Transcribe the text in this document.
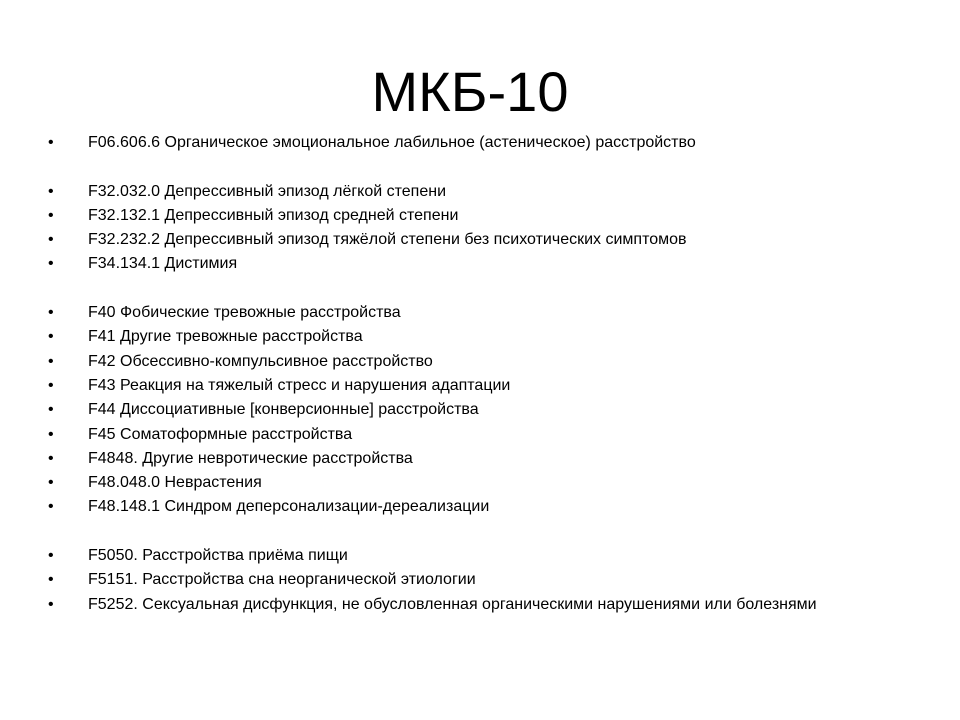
МКБ-10
•	F06.606.6 Органическое эмоциональное лабильное (астеническое) расстройство
•	F32.032.0 Депрессивный эпизод лёгкой степени
•	F32.132.1 Депрессивный эпизод средней степени
•	F32.232.2 Депрессивный эпизод тяжёлой степени без психотических симптомов
•	F34.134.1 Дистимия
•	F40 Фобические тревожные расстройства
•	F41 Другие тревожные расстройства
•	F42 Обсессивно-компульсивное расстройство
•	F43 Реакция на тяжелый стресс и нарушения адаптации
•	F44 Диссоциативные [конверсионные] расстройства
•	F45 Соматоформные расстройства
•	F4848. Другие невротические расстройства
•	F48.048.0 Неврастения
•	F48.148.1 Синдром деперсонализации-дереализации
•	F5050. Расстройства приёма пищи
•	F5151. Расстройства сна неорганической этиологии
•	F5252. Сексуальная дисфункция, не обусловленная органическими нарушениями или болезнями
